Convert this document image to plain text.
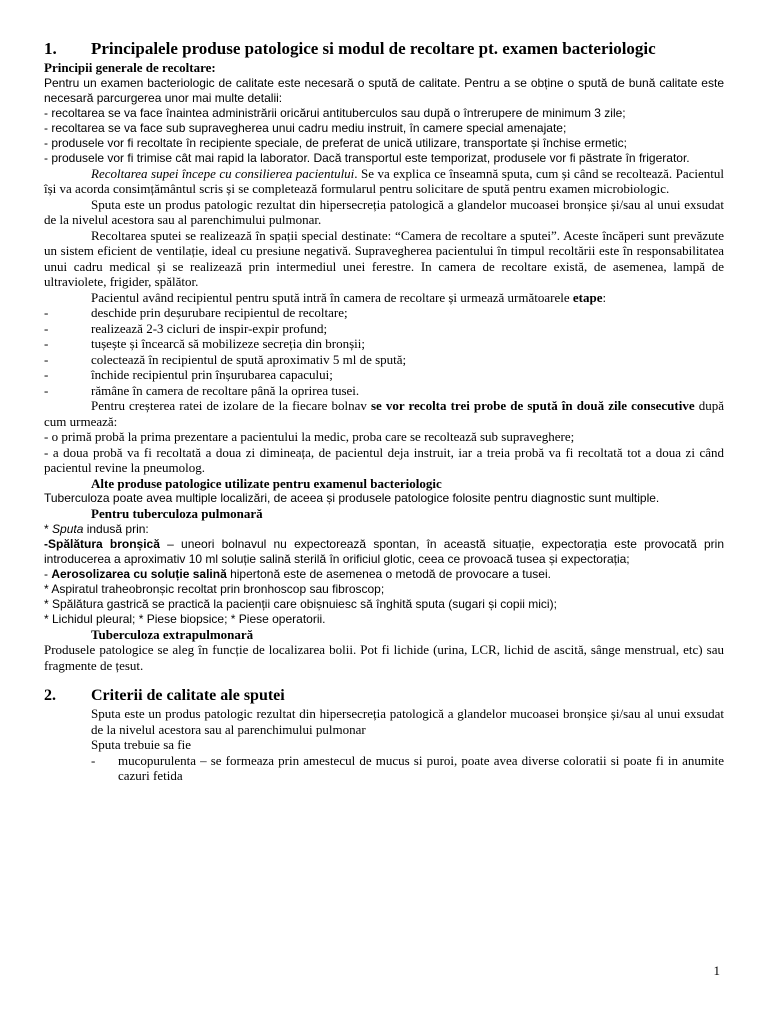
1.	Principalele produse patologice si modul de recoltare pt. examen bacteriologic

Principii generale de recoltare:

Pentru un examen bacteriologic de calitate este necesară o spută de calitate. Pentru a se obține o spută de bună calitate este necesară parcurgerea unor mai multe detalii:

- recoltarea se va face înaintea administrării oricărui antituberculos sau după o întrerupere de minimum 3 zile;

- recoltarea se va face sub supravegherea unui cadru mediu instruit, în camere special amenajate;

- produsele vor fi recoltate în recipiente speciale, de preferat de unică utilizare, transportate și închise ermetic;

- produsele vor fi trimise cât mai rapid la laborator. Dacă transportul este temporizat, produsele vor fi păstrate în frigerator.

Recoltarea supei începe cu consilierea pacientului. Se va explica ce înseamnă sputa, cum și când se recoltează. Pacientul își va acorda consimțământul scris și se completează formularul pentru solicitare de spută pentru examen microbiologic.

Sputa este un produs patologic rezultat din hipersecreția patologică a glandelor mucoasei bronșice și/sau al unui exsudat de la nivelul acestora sau al parenchimului pulmonar.

Recoltarea sputei se realizează în spații special destinate: “Camera de recoltare a sputei”. Aceste încăperi sunt prevăzute un sistem eficient de ventilație, ideal cu presiune negativă. Supravegherea pacientului în timpul recoltării este în responsabilitatea unui cadru medical și se realizează prin intermediul unei ferestre. In camera de recoltare există, de asemenea, lampă de ultraviolete, frigider, spălător.

Pacientul având recipientul pentru spută intră în camera de recoltare și urmează următoarele etape:

-	deschide prin deșurubare recipientul de recoltare;
-	realizează 2-3 cicluri de inspir-expir profund;
-	tușește și încearcă să mobilizeze secreția din bronșii;
-	colectează în recipientul de spută aproximativ 5 ml de spută;
-	închide recipientul prin înșurubarea capacului;
-	rămâne în camera de recoltare până la oprirea tusei.

Pentru creșterea ratei de izolare de la fiecare bolnav se vor recolta trei probe de spută în două zile consecutive după cum urmează:

- o primă probă la prima prezentare a pacientului la medic, proba care se recoltează sub supraveghere;

- a doua probă va fi recoltată a doua zi dimineața, de pacientul deja instruit, iar a treia probă va fi recoltată tot a doua zi când pacientul revine la pneumolog.

Alte produse patologice utilizate pentru examenul bacteriologic

Tuberculoza poate avea multiple localizări, de aceea și produsele patologice folosite pentru diagnostic sunt multiple.

Pentru tuberculoza pulmonară

* Sputa indusă prin:

-Spălătura bronșică – uneori bolnavul nu expectorează spontan, în această situație, expectorația este provocată prin introducerea a aproximativ 10 ml soluție salină sterilă în orificiul glotic, ceea ce provoacă tusea și expectorația;

- Aerosolizarea cu soluție salină hipertonă este de asemenea o metodă de provocare a tusei.

* Aspiratul traheobronșic recoltat prin bronhoscop sau fibroscop;

* Spălătura gastrică se practică la pacienții care obișnuiesc să înghită sputa (sugari și copii mici);

* Lichidul pleural; * Piese biopsice; * Piese operatorii.

Tuberculoza extrapulmonară

Produsele patologice se aleg în funcție de localizarea bolii. Pot fi lichide (urina, LCR, lichid de ascită, sânge menstrual, etc) sau fragmente de țesut.

2.	Criterii de calitate ale sputei

Sputa este un produs patologic rezultat din hipersecreția patologică a glandelor mucoasei bronșice și/sau al unui exsudat de la nivelul acestora sau al parenchimului pulmonar

Sputa trebuie sa fie

-	mucopurulenta – se formeaza prin amestecul de mucus si puroi, poate avea diverse coloratii si poate fi in anumite cazuri fetida
1
